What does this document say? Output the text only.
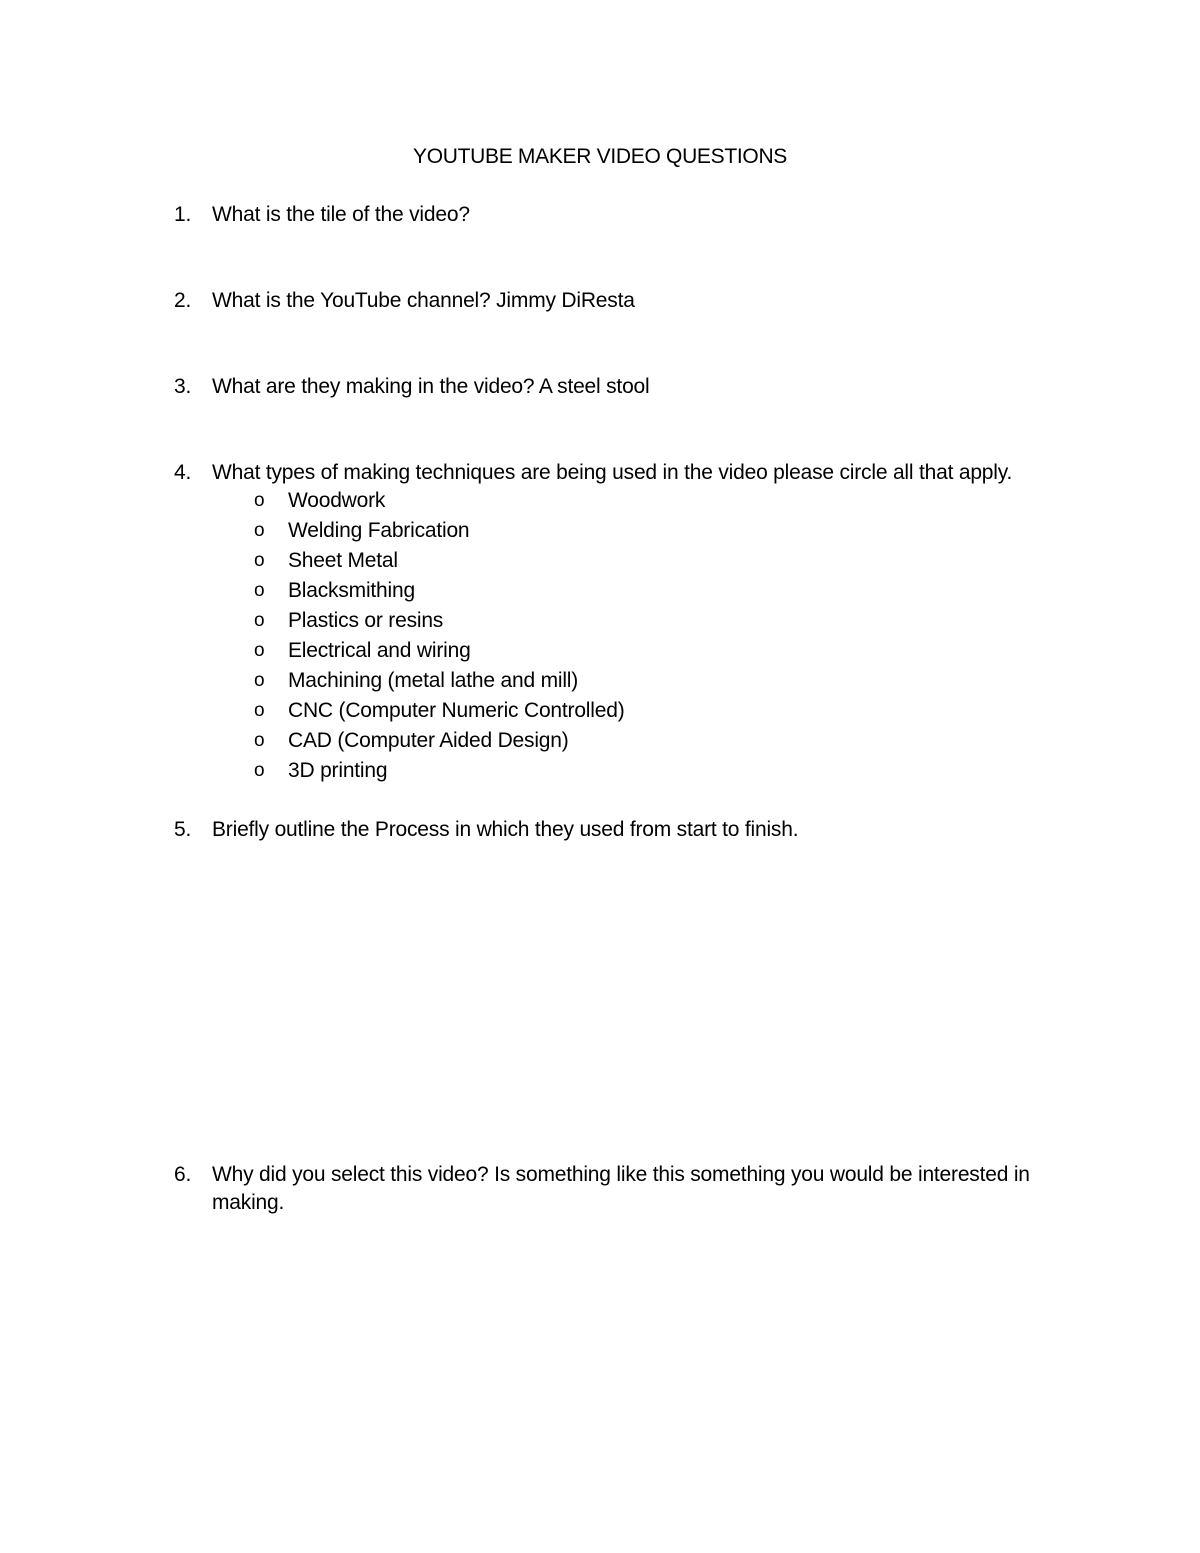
YOUTUBE MAKER VIDEO QUESTIONS
1. What is the tile of the video?
2. What is the YouTube channel? Jimmy DiResta
3. What are they making in the video? A steel stool
4. What types of making techniques are being used in the video please circle all that apply.
o Woodwork
o Welding Fabrication
o Sheet Metal
o Blacksmithing
o Plastics or resins
o Electrical and wiring
o Machining (metal lathe and mill)
o CNC (Computer Numeric Controlled)
o CAD (Computer Aided Design)
o 3D printing
5. Briefly outline the Process in which they used from start to finish.
6. Why did you select this video? Is something like this something you would be interested in making.
